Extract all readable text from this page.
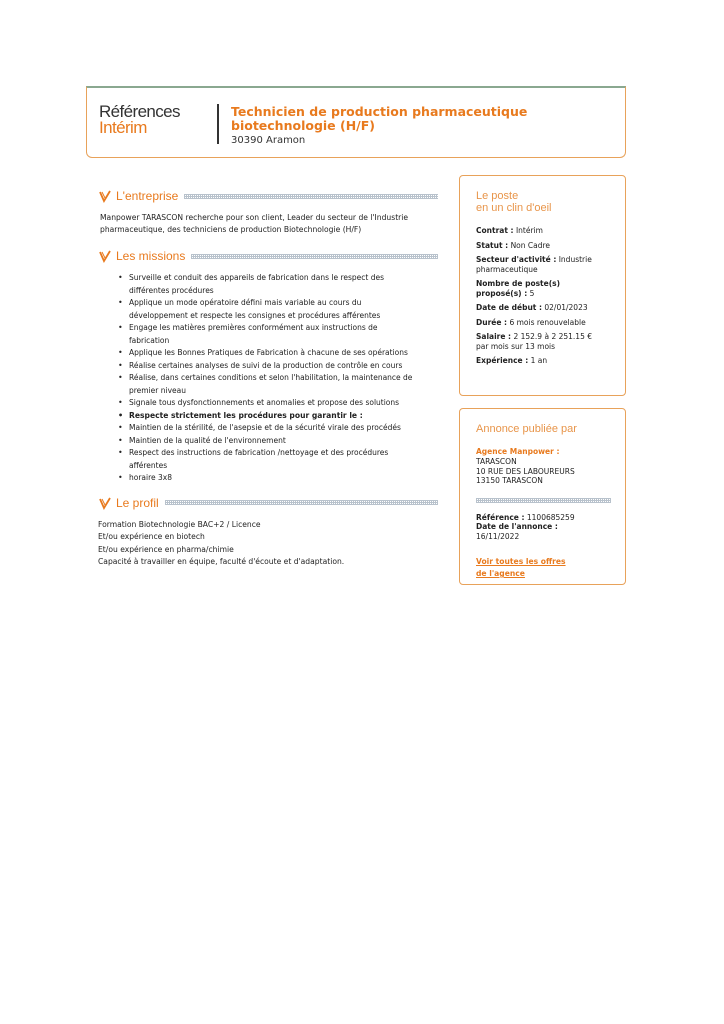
Références
Intérim
Technicien de production pharmaceutique
biotechnologie (H/F)
30390 Aramon
L'entreprise

Manpower TARASCON recherche pour son client, Leader du secteur de l'Industrie

pharmaceutique, des techniciens de production Biotechnologie (H/F)

Les missions
• Surveille et conduit des appareils de fabrication dans le respect des
différentes procédures
• Applique un mode opératoire défini mais variable au cours du
développement et respecte les consignes et procédures afférentes
• Engage les matières premières conformément aux instructions de
fabrication
• Applique les Bonnes Pratiques de Fabrication à chacune de ses opérations
• Réalise certaines analyses de suivi de la production de contrôle en cours
• Réalise, dans certaines conditions et selon l'habilitation, la maintenance de
premier niveau
• Signale tous dysfonctionnements et anomalies et propose des solutions
• Respecte strictement les procédures pour garantir le :
• Maintien de la stérilité, de l'asepsie et de la sécurité virale des procédés
• Maintien de la qualité de l'environnement
• Respect des instructions de fabrication /nettoyage et des procédures
afférentes
• horaire 3x8
Le profil

Formation Biotechnologie BAC+2 / Licence

Et/ou expérience en biotech

Et/ou expérience en pharma/chimie

Capacité à travailler en équipe, faculté d'écoute et d'adaptation.

Le poste
en un clin d'oeil
Contrat : Intérim
Statut : Non Cadre
Secteur d'activité : Industrie
pharmaceutique
Nombre de poste(s)
proposé(s) : 5
Date de début : 02/01/2023
Durée : 6 mois renouvelable
Salaire : 2 152.9 à 2 251.15 €
par mois sur 13 mois
Expérience : 1 an
Annonce publiée par
Agence Manpower :
TARASCON
10 RUE DES LABOUREURS
13150 TARASCON
Référence : 1100685259
Date de l'annonce :
16/11/2022
Voir toutes les offres
de l'agence
